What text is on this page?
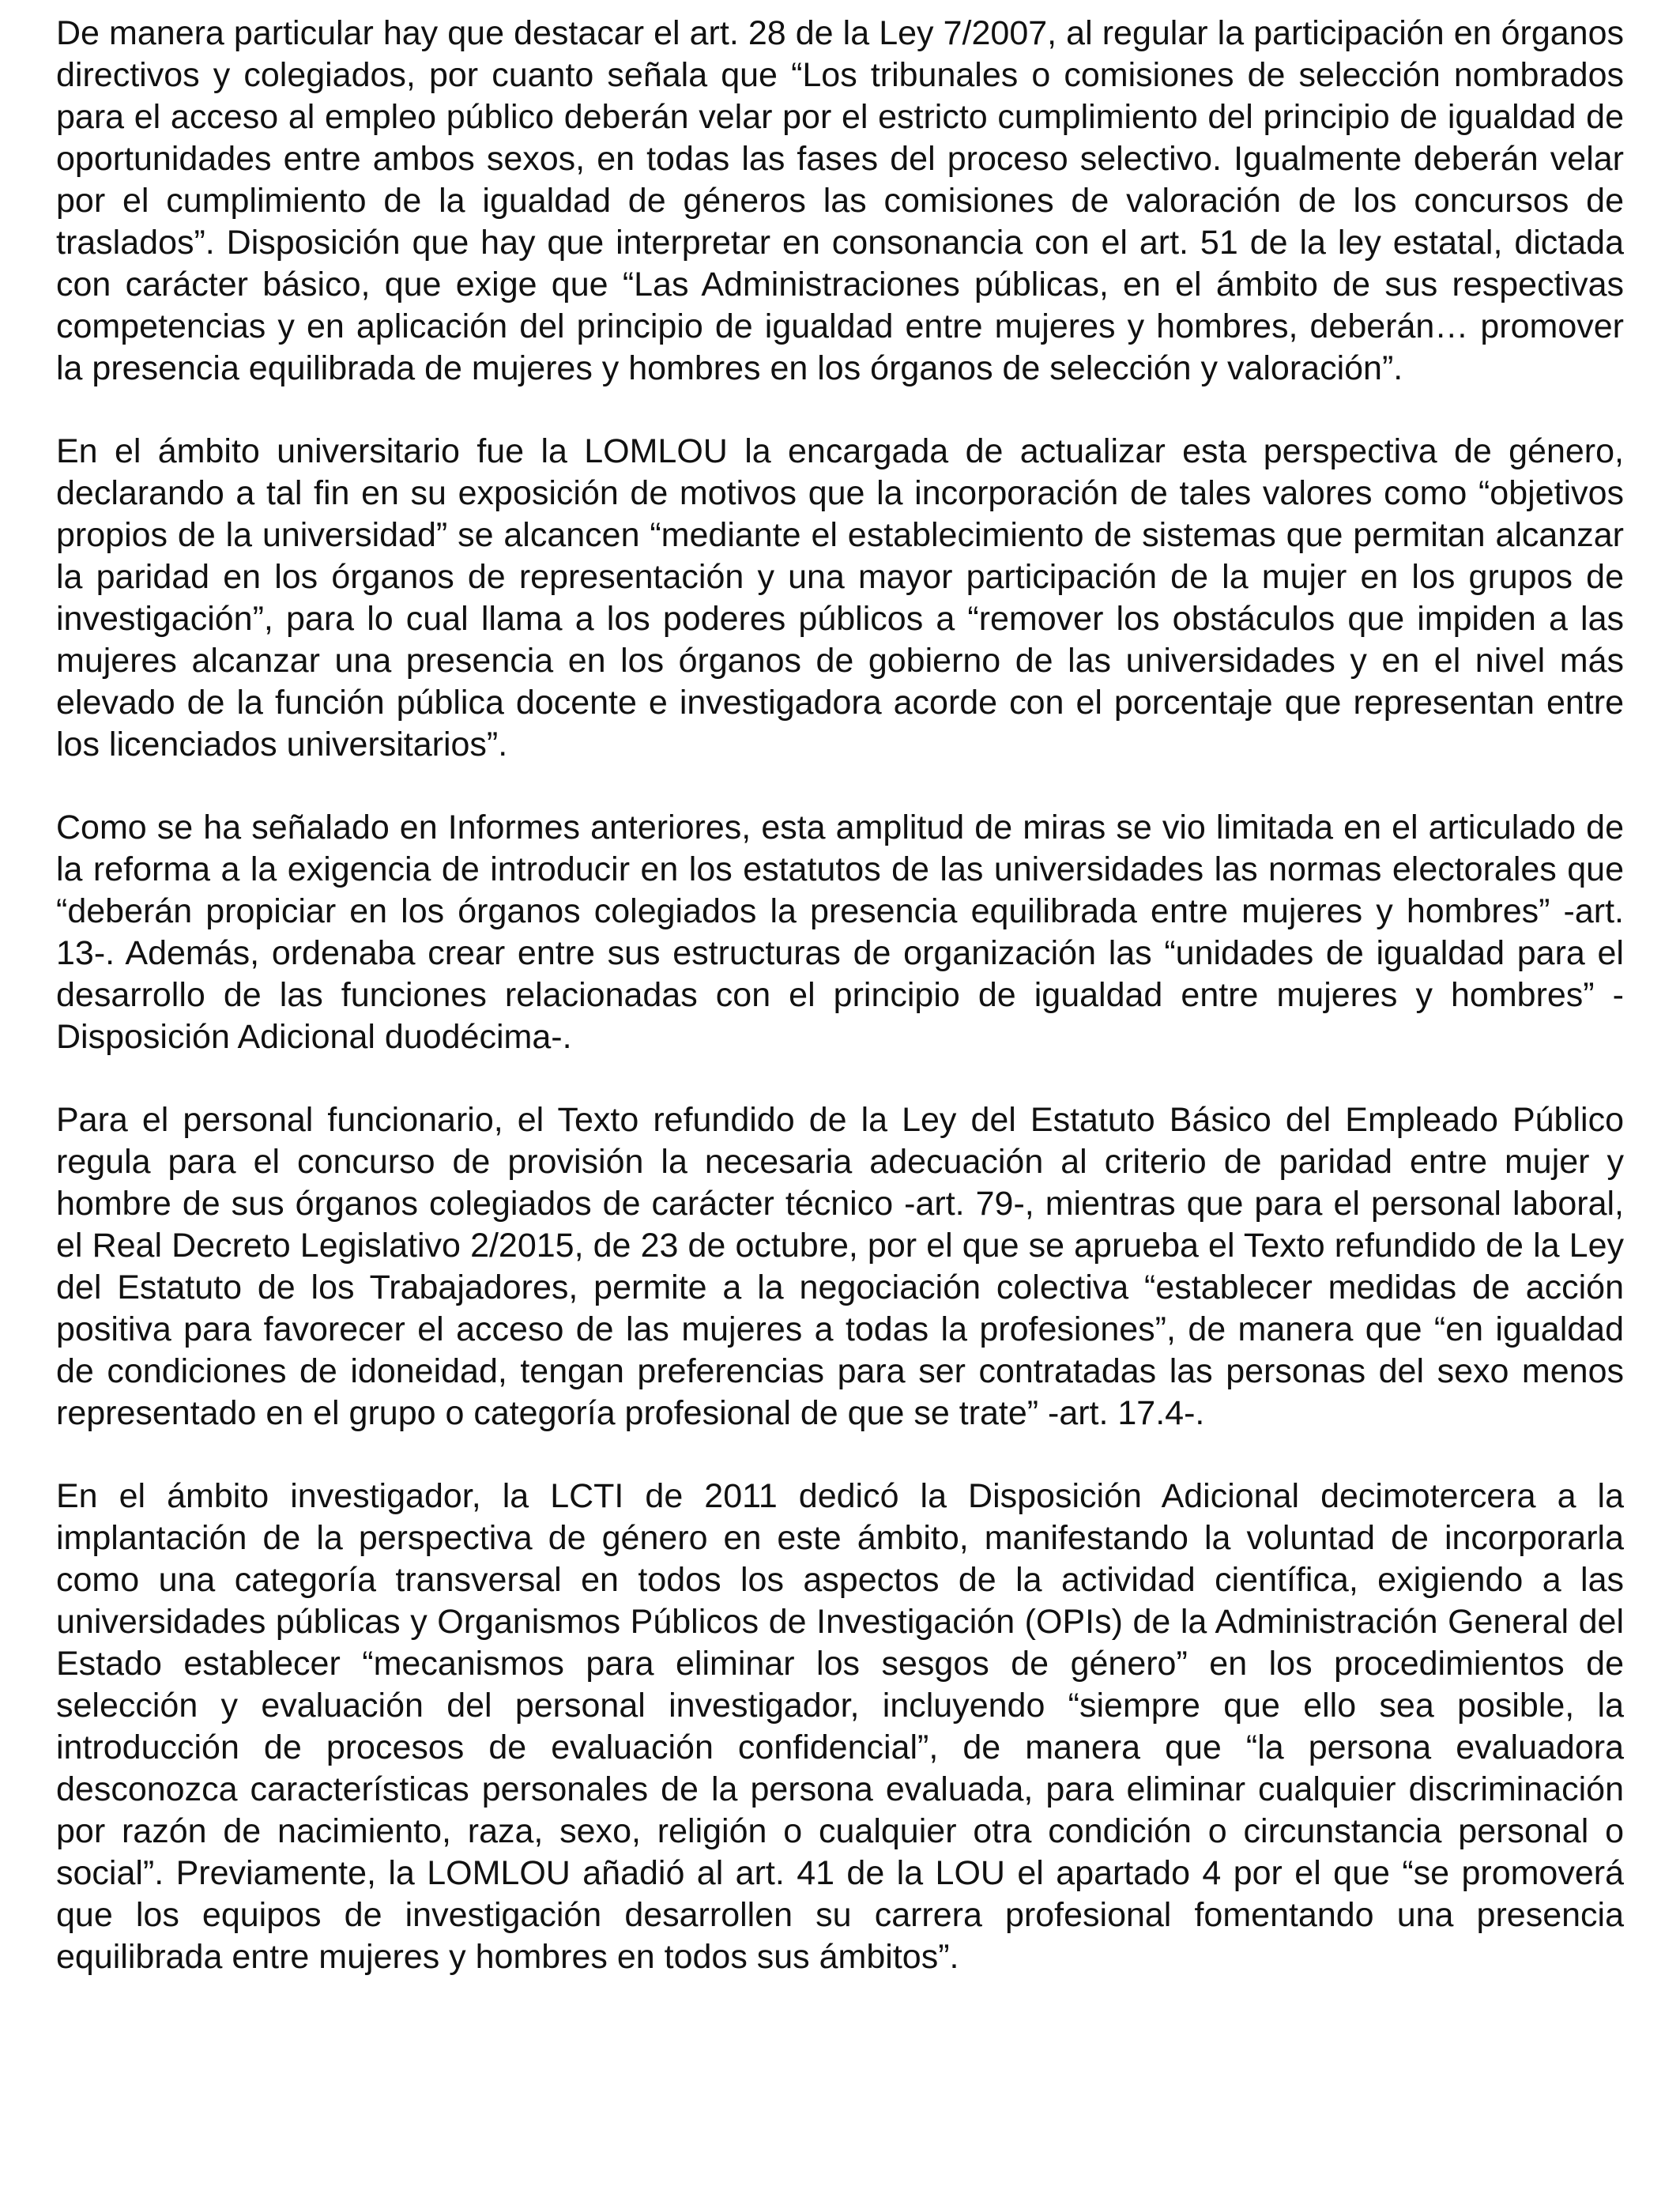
De manera particular hay que destacar el art. 28 de la Ley 7/2007, al regular la participación en órganos directivos y colegiados, por cuanto señala que “Los tribunales o comisiones de selección nombrados para el acceso al empleo público deberán velar por el estricto cumplimiento del principio de igualdad de oportunidades entre ambos sexos, en todas las fases del proceso selectivo. Igualmente deberán velar por el cumplimiento de la igualdad de géneros las comisiones de valoración de los concursos de traslados”. Disposición que hay que interpretar en consonancia con el art. 51 de la ley estatal, dictada con carácter básico, que exige que “Las Administraciones públicas, en el ámbito de sus respectivas competencias y en aplicación del principio de igualdad entre mujeres y hombres, deberán… promover la presencia equilibrada de mujeres y hombres en los órganos de selección y valoración”.

En el ámbito universitario fue la LOMLOU la encargada de actualizar esta perspectiva de género, declarando a tal fin en su exposición de motivos que la incorporación de tales valores como “objetivos propios de la universidad” se alcancen “mediante el establecimiento de sistemas que permitan alcanzar la paridad en los órganos de representación y una mayor participación de la mujer en los grupos de investigación”, para lo cual llama a los poderes públicos a “remover los obstáculos que impiden a las mujeres alcanzar una presencia en los órganos de gobierno de las universidades y en el nivel más elevado de la función pública docente e investigadora acorde con el porcentaje que representan entre los licenciados universitarios”.

Como se ha señalado en Informes anteriores, esta amplitud de miras se vio limitada en el articulado de la reforma a la exigencia de introducir en los estatutos de las universidades las normas electorales que “deberán propiciar en los órganos colegiados la presencia equilibrada entre mujeres y hombres” -art. 13-. Además, ordenaba crear entre sus estructuras de organización las “unidades de igualdad para el desarrollo de las funciones relacionadas con el principio de igualdad entre mujeres y hombres” -Disposición Adicional duodécima-.

Para el personal funcionario, el Texto refundido de la Ley del Estatuto Básico del Empleado Público regula para el concurso de provisión la necesaria adecuación al criterio de paridad entre mujer y hombre de sus órganos colegiados de carácter técnico -art. 79-, mientras que para el personal laboral, el Real Decreto Legislativo 2/2015, de 23 de octubre, por el que se aprueba el Texto refundido de la Ley del Estatuto de los Trabajadores, permite a la negociación colectiva “establecer medidas de acción positiva para favorecer el acceso de las mujeres a todas la profesiones”, de manera que “en igualdad de condiciones de idoneidad, tengan preferencias para ser contratadas las personas del sexo menos representado en el grupo o categoría profesional de que se trate” -art. 17.4-.

En el ámbito investigador, la LCTI de 2011 dedicó la Disposición Adicional decimotercera a la implantación de la perspectiva de género en este ámbito, manifestando la voluntad de incorporarla como una categoría transversal en todos los aspectos de la actividad científica, exigiendo a las universidades públicas y Organismos Públicos de Investigación (OPIs) de la Administración General del Estado establecer “mecanismos para eliminar los sesgos de género” en los procedimientos de selección y evaluación del personal investigador, incluyendo “siempre que ello sea posible, la introducción de procesos de evaluación confidencial”, de manera que “la persona evaluadora desconozca características personales de la persona evaluada, para eliminar cualquier discriminación por razón de nacimiento, raza, sexo, religión o cualquier otra condición o circunstancia personal o social”. Previamente, la LOMLOU añadió al art. 41 de la LOU el apartado 4 por el que “se promoverá que los equipos de investigación desarrollen su carrera profesional fomentando una presencia equilibrada entre mujeres y hombres en todos sus ámbitos”.
